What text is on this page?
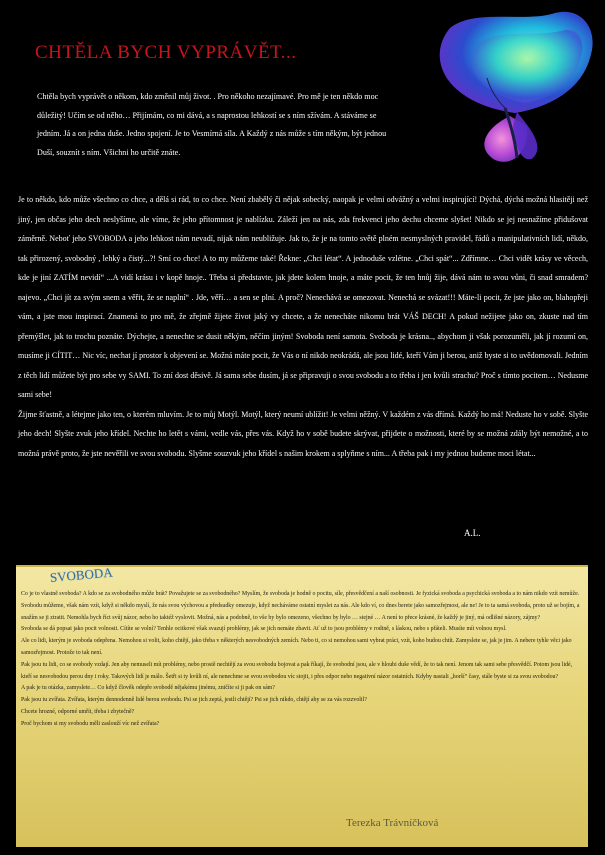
CHTĚLA BYCH VYPRÁVĚT...

Chtěla bych vyprávět o někom, kdo změnil můj život. . Pro někoho nezajímavé. Pro mě je ten někdo moc důležitý! Učím se od něho… Přijímám, co mi dává, a s naprostou lehkostí se s ním sžívám. A stáváme se jedním. Já a on jedna duše. Jedno spojení. Je to Vesmírná síla. A Každý z nás může s tím někým, být jednou Duší, souznít s ním. Všichni ho určitě znáte.

Je to někdo, kdo může všechno co chce, a dělá si rád, to co chce. Není zbabělý či nějak sobecký, naopak je velmi odvážný a velmi inspirující! Dýchá, dýchá možná hlasitěji než jiný, jen občas jeho dech neslyšíme, ale víme, že jeho přítomnost je nablízku. Záleží jen na nás, zda frekvenci jeho dechu chceme slyšet! Nikdo se jej nesnažíme přidušovat záměrně. Neboť jeho SVOBODA a jeho lehkost nám nevadí, nijak nám neubližuje. Jak to, že je na tomto světě plném nesmyslných pravidel, řádů a manipulativních lidí, někdo, tak přirozený, svobodný , lehký a čistý...?! Smí co chce! A to my můžeme také! Řekne: „Chci létat“. A jednoduše vzlétne. „Chci spát“... Zdřímne… Chci vidět krásy ve věcech, kde je jiní ZATÍM nevidí“ ...A vidí krásu i v kopě hnoje.. Třeba si představte, jak jdete kolem hnoje, a máte pocit, že ten hnůj žije, dává nám to svou vůni, či snad smradem? najevo. „Chci jít za svým snem a věřit, že se naplní“ . Jde, věří… a sen se plní. A proč? Nenechává se omezovat. Nenechá se svázat!!! Máte-li pocit, že jste jako on, blahopřeji vám, a jste mou inspirací. Znamená to pro mě, že zřejmě žijete život jaký vy chcete, a že nenecháte nikomu brát VÁŠ DECH! A pokud nežijete jako on, zkuste nad tím přemýšlet, jak to trochu poznáte. Dýchejte, a nenechte se dusit někým, něčím jiným! Svoboda není samota. Svoboda je krásna.., abychom ji však porozuměli, jak jí rozumí on, musíme ji CÍTIT… Nic víc, nechat jí prostor k objevení se. Možná máte pocit, že Vás o ní nikdo neokrádá, ale jsou lidé, kteří Vám ji berou, aniž byste si to uvědomovali. Jedním z těch lidí můžete být pro sebe vy SAMI. To zní dost děsivě. Já sama sebe dusím, já se připravuji o svou svobodu a to třeba i jen kvůli strachu? Proč s tímto pocitem… Nedusme sami sebe!

Žijme šťastně, a létejme jako ten, o kterém mluvím. Je to můj Motýl. Motýl, který neumí ublížit! Je velmi něžný. V každém z vás dřímá. Každý ho má! Neduste ho v sobě. Slyšte jeho dech! Slyšte zvuk jeho křídel. Nechte ho letět s vámi, vedle vás, přes vás. Když ho v sobě budete skrývat, přijdete o možnosti, které by se možná zdály být nemožné, a to možná právě proto, že jste nevěřili ve svou svobodu. Slyšme souzvuk jeho křídel s našim krokem a splyňme s ním... A třeba pak i my jednou budeme moci létat...

A.L.
SVOBODA

Co je to vlastně svoboda? A kdo se za svobodného může brát? Považujete se za svobodného? Myslím, že svoboda je hodně o pocitu, síle, přesvědčení a naší osobnosti. Je fyzická svoboda a psychická svoboda a to nám nikdo vzít nemůže. Svobodu můžeme, však nám vzít, když si někdo myslí, že nás svou výchovou a předsudky omezuje, když necháváme ostatní myslet za nás. Ale kdo ví, co dnes berete jako samozřejmost, ale ne! Je to ta samá svoboda, proto už se bojím, a snažím se ji ztratit. Nemohla bych říct svůj názor, nebo ho taktéž vyslovit. Možná, nás a podobně, to vše by bylo omezeno, všechno by bylo … stejné … A není to přece krásné, že každý je jiný, má odlišné názory, zájmy?

Svoboda se dá popsat jako pocit volnosti. Cítíte se volní? Tenhle ocitkové však svazují problémy, jak se jich nemáte zbavit. Ať už to jsou problémy v rodině, s láskou, nebo s přáteli. Musíte mít volnou mysl.

Ale co lidi, kterým je svoboda odepřena. Nemohou si volit, koho chtějí, jako třeba v některých nesvobodných zemích. Nebo ti, co si nemohou sami vybrat práci, vzít, koho budou chtít. Zamyslete se, jak je jim. A nebere tyhle věci jako samozřejmost. Protože to tak není.

Pak jsou tu lidi, co se svobody vzdají. Jen aby nemuseli mít problémy, nebo prostě nechtějí za svou svobodu bojovat a pak říkají, že svobodní jsou, ale v hloubi duše vědí, že to tak není. Jenom tak sami sebe přesvědčí. Potom jsou lidé, kteří se nesvobodou perou dny i roky. Takových lidí je málo. Šetři si ty kvůli ní, ale nenechme se svou svobodou víc stojit, i přes odpor nebo negativní názor ostatních. Kdyby nastali „horší“ časy, stále byste si za svou svobodou?

A pak je tu otázka, zamyslete… Co když člověk odepře svobodě nějakému jinému, zničíte si ji pak on sám?

Pak jsou tu zvířata. Zvířata, kterým dennodenně lidé berou svobodu. Psi se jich zeptá, jestli chtějí? Psi se jich nikdo, chtějí aby se za vás rozzvolil?

Chcete hrozné, odporné umřít, třeba i zbytečně?

Proč bychom si my svobodu měli zaslouží víc než zvířata?

Terezka Trávníčková
